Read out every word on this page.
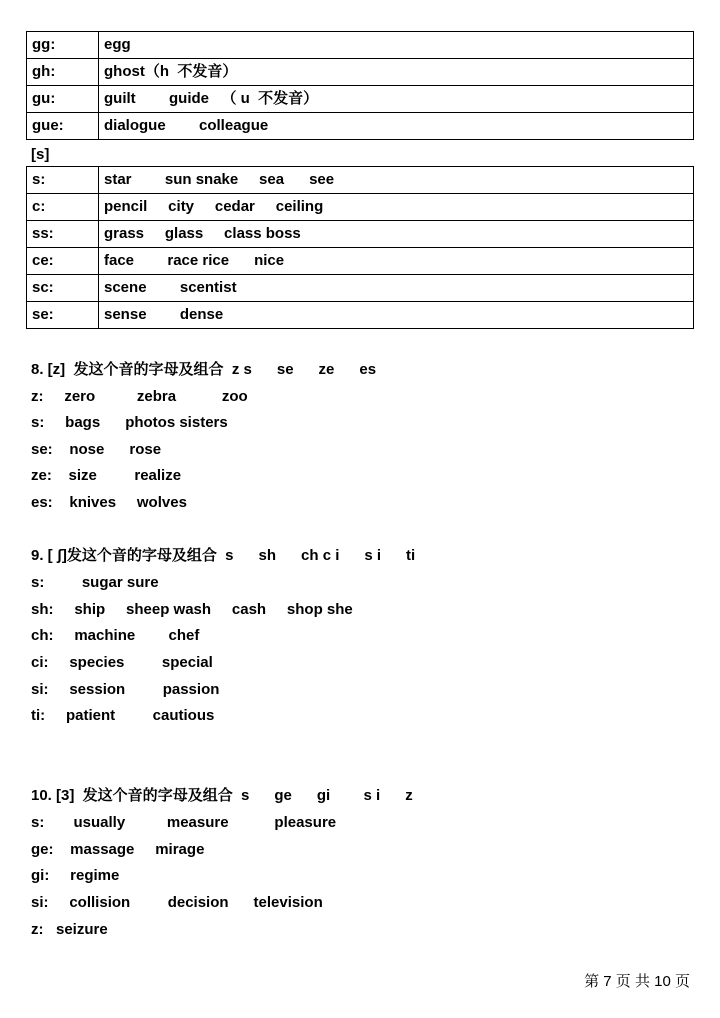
gg:	egg
gh:	ghost（h  不发音）
gu:	guilt        guide   （ u  不发音）
gue:	dialogue        colleague
[s]
s:	star        sun snake     sea      see
c:	pencil     city     cedar     ceiling
ss:	grass     glass     class boss
ce:	face        race rice      nice
sc:	scene        scentist
se:	sense        dense
8. [z]  发这个音的字母及组合  z s      se      ze      es
z:     zero          zebra           zoo
s:     bags      photos sisters
se:    nose      rose
ze:    size         realize
es:    knives     wolves
9. [ ʃ]发这个音的字母及组合  s      sh      ch c i      s i      ti
s:         sugar sure
sh:     ship     sheep wash     cash     shop she
ch:     machine        chef
ci:     species         special
si:     session         passion
ti:     patient         cautious
10. [3]  发这个音的字母及组合  s      ge      gi        s i      z
s:       usually          measure           pleasure
ge:    massage     mirage
gi:     regime
si:     collision         decision      television
z:   seizure
第 7 页 共 10 页
